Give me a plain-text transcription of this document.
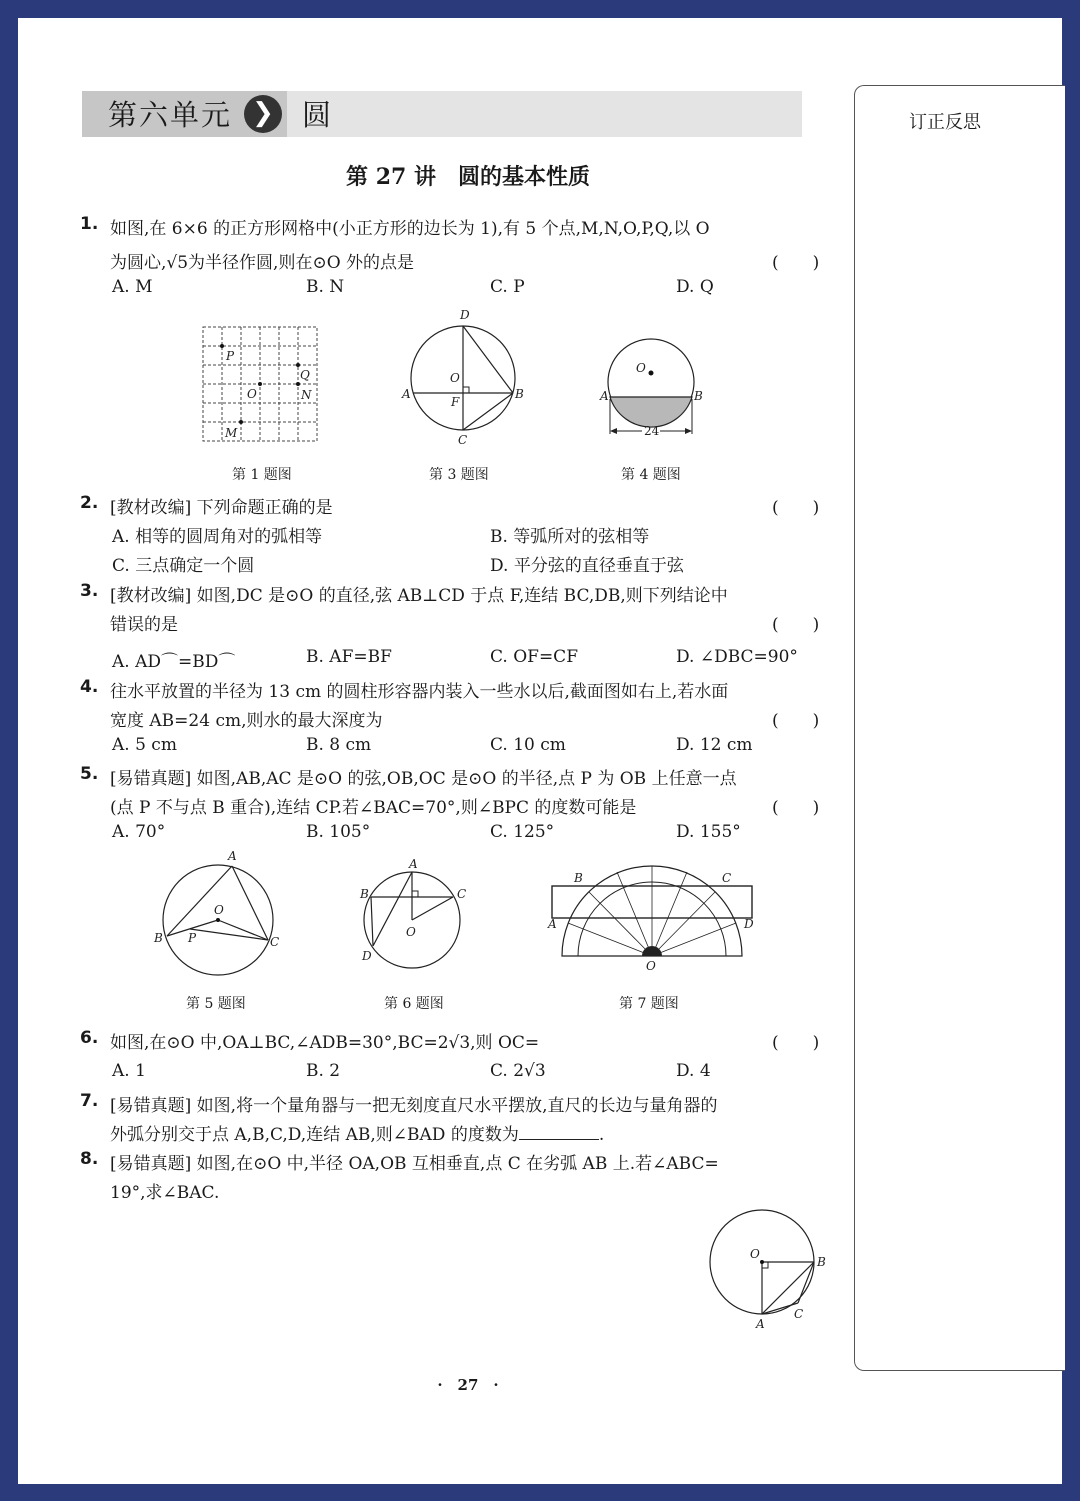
第六单元 ❯ 圆	订正反思
第 27 讲　圆的基本性质
1. 如图,在 6×6 的正方形网格中(小正方形的边长为 1),有 5 个点,M,N,O,P,Q,以 O
为圆心,√5为半径作圆,则在⊙O 外的点是	(　　)
A. M	B. N	C. P	D. Q
P
Q
O	N
M
第 1 题图
D
O
A
F
B
C
第 3 题图
O
A	B
24
第 4 题图
2. [教材改编] 下列命题正确的是	(　　)
A. 相等的圆周角对的弧相等	B. 等弧所对的弦相等
C. 三点确定一个圆	D. 平分弦的直径垂直于弦
3. [教材改编] 如图,DC 是⊙O 的直径,弦 AB⊥CD 于点 F,连结 BC,DB,则下列结论中
错误的是	(　　)
A. AD⌒=BD⌒	B. AF=BF	C. OF=CF	D. ∠DBC=90°
4. 往水平放置的半径为 13 cm 的圆柱形容器内装入一些水以后,截面图如右上,若水面
宽度 AB=24 cm,则水的最大深度为	(　　)
A. 5 cm	B. 8 cm	C. 10 cm	D. 12 cm
5. [易错真题] 如图,AB,AC 是⊙O 的弦,OB,OC 是⊙O 的半径,点 P 为 OB 上任意一点
(点 P 不与点 B 重合),连结 CP.若∠BAC=70°,则∠BPC 的度数可能是	(　　)
A. 70°	B. 105°	C. 125°	D. 155°
A
O
B P	C
第 5 题图
A
B	C
O
D
第 6 题图
B	C
A	D
O
第 7 题图
6. 如图,在⊙O 中,OA⊥BC,∠ADB=30°,BC=2√3,则 OC=	(　　)
A. 1	B. 2	C. 2√3	D. 4
7. [易错真题] 如图,将一个量角器与一把无刻度直尺水平摆放,直尺的长边与量角器的
外弧分别交于点 A,B,C,D,连结 AB,则∠BAD 的度数为	.
8. [易错真题] 如图,在⊙O 中,半径 OA,OB 互相垂直,点 C 在劣弧 AB 上.若∠ABC=
19°,求∠BAC.
O
B
A
C
·　27　·
